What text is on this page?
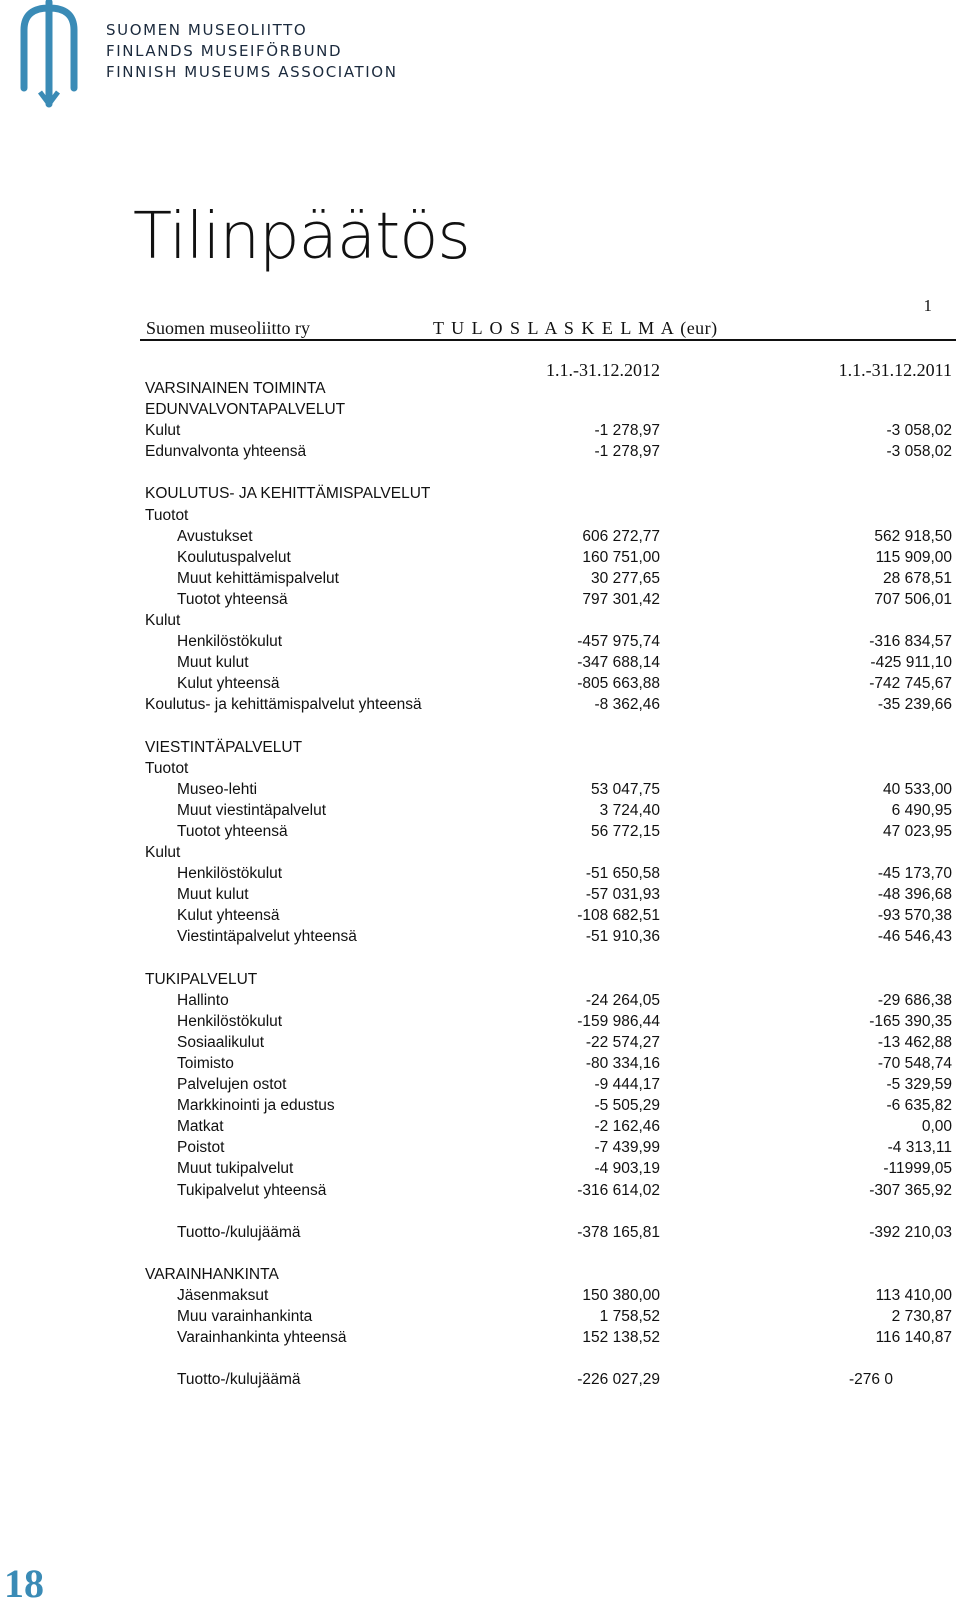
SUOMEN MUSEOLIITTO
FINLANDS MUSEIFÖRBUND
FINNISH MUSEUMS ASSOCIATION
Tilinpäätös
1
Suomen museoliitto ry	T U L O S L A S K E L M A (eur)
1.1.-31.12.2012	1.1.-31.12.2011
VARSINAINEN TOIMINTA
EDUNVALVONTAPALVELUT
Kulut	-1 278,97	-3 058,02
Edunvalvonta yhteensä	-1 278,97	-3 058,02
KOULUTUS- JA KEHITTÄMISPALVELUT
Tuotot
Avustukset	606 272,77	562 918,50
Koulutuspalvelut	160 751,00	115 909,00
Muut kehittämispalvelut	30 277,65	28 678,51
Tuotot yhteensä	797 301,42	707 506,01
Kulut
Henkilöstökulut	-457 975,74	-316 834,57
Muut kulut	-347 688,14	-425 911,10
Kulut yhteensä	-805 663,88	-742 745,67
Koulutus- ja kehittämispalvelut yhteensä	-8 362,46	-35 239,66
VIESTINTÄPALVELUT
Tuotot
Museo-lehti	53 047,75	40 533,00
Muut viestintäpalvelut	3 724,40	6 490,95
Tuotot yhteensä	56 772,15	47 023,95
Kulut
Henkilöstökulut	-51 650,58	-45 173,70
Muut kulut	-57 031,93	-48 396,68
Kulut yhteensä	-108 682,51	-93 570,38
Viestintäpalvelut yhteensä	-51 910,36	-46 546,43
TUKIPALVELUT
Hallinto	-24 264,05	-29 686,38
Henkilöstökulut	-159 986,44	-165 390,35
Sosiaalikulut	-22 574,27	-13 462,88
Toimisto	-80 334,16	-70 548,74
Palvelujen ostot	-9 444,17	-5 329,59
Markkinointi ja edustus	-5 505,29	-6 635,82
Matkat	-2 162,46	0,00
Poistot	-7 439,99	-4 313,11
Muut tukipalvelut	-4 903,19	-11999,05
Tukipalvelut yhteensä	-316 614,02	-307 365,92
Tuotto-/kulujäämä	-378 165,81	-392 210,03
VARAINHANKINTA
Jäsenmaksut	150 380,00	113 410,00
Muu varainhankinta	1 758,52	2 730,87
Varainhankinta yhteensä	152 138,52	116 140,87
Tuotto-/kulujäämä	-226 027,29	-276 0
18
